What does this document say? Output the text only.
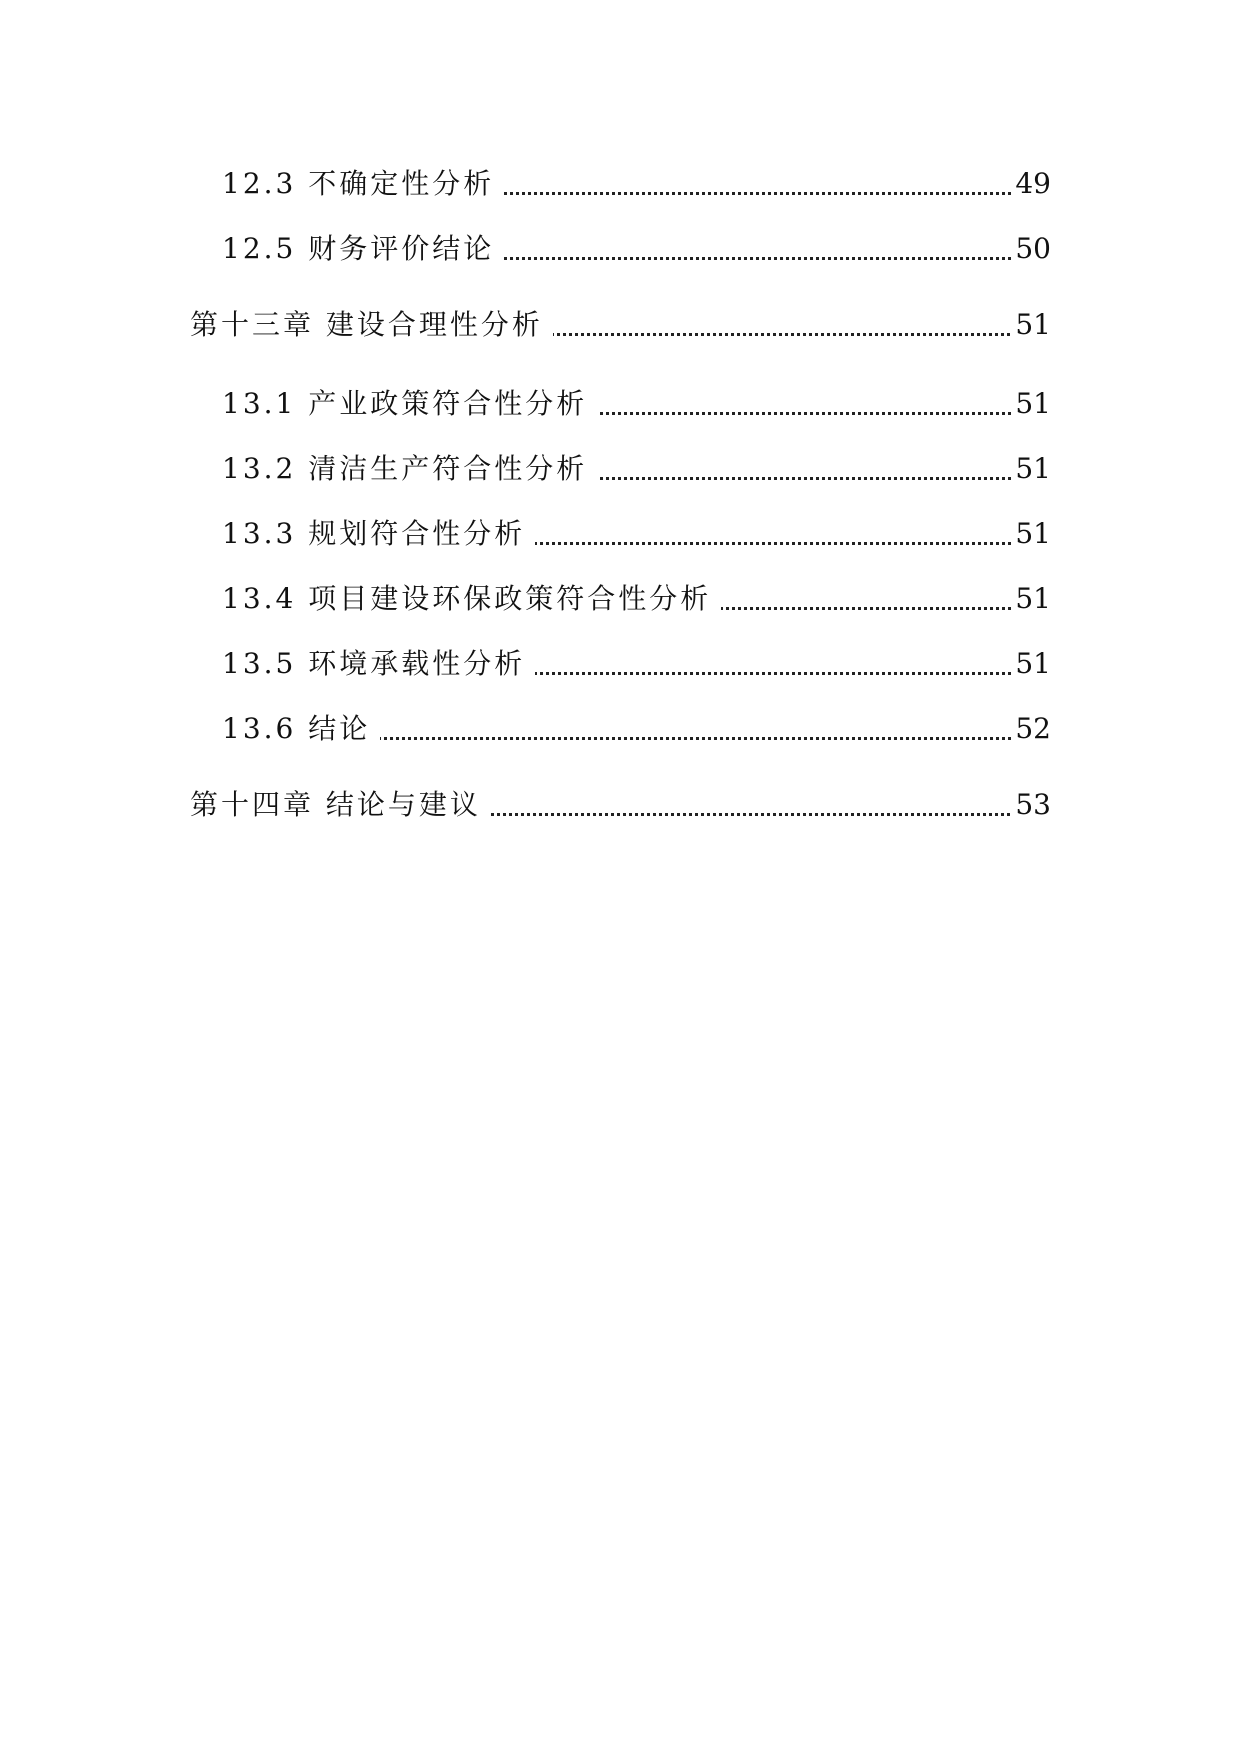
12.3 不确定性分析	49
12.5 财务评价结论	50
第十三章 建设合理性分析	51
13.1 产业政策符合性分析	51
13.2 清洁生产符合性分析	51
13.3 规划符合性分析	51
13.4 项目建设环保政策符合性分析	51
13.5 环境承载性分析	51
13.6 结论	52
第十四章 结论与建议	53
